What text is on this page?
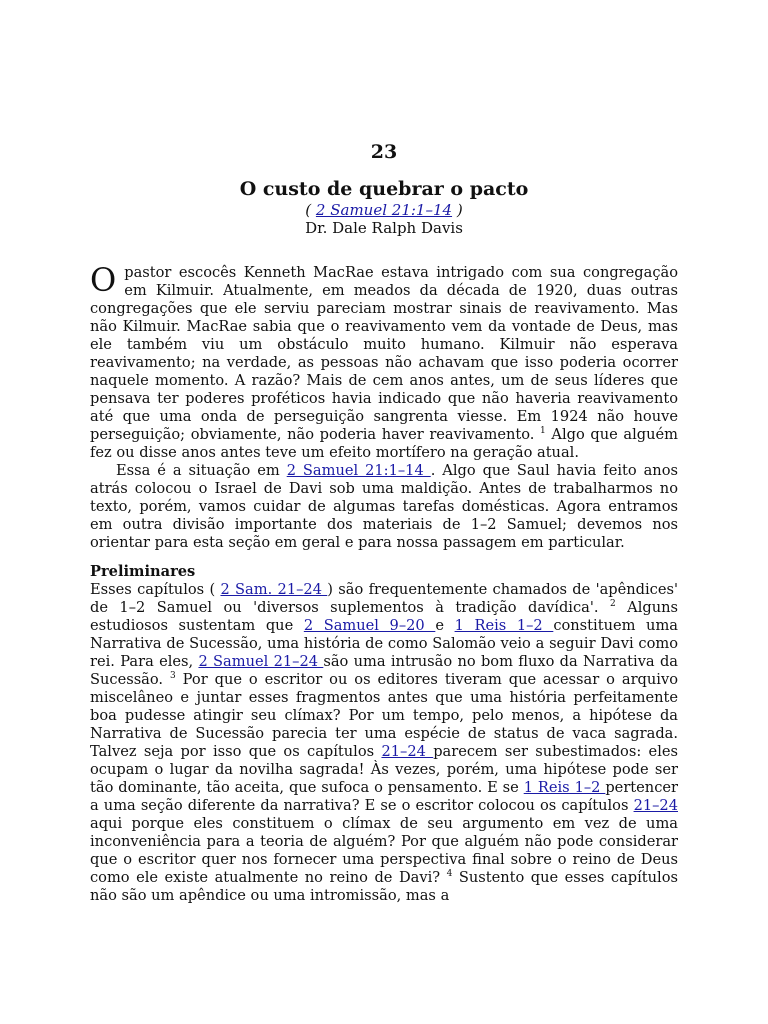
23
O custo de quebrar o pacto
( 2 Samuel 21:1–14 )
Dr. Dale Ralph Davis

O pastor escocês Kenneth MacRae estava intrigado com sua congregação em Kilmuir. Atualmente, em meados da década de 1920, duas outras congregações que ele serviu pareciam mostrar sinais de reavivamento. Mas não Kilmuir. MacRae sabia que o reavivamento vem da vontade de Deus, mas ele também viu um obstáculo muito humano. Kilmuir não esperava reavivamento; na verdade, as pessoas não achavam que isso poderia ocorrer naquele momento. A razão? Mais de cem anos antes, um de seus líderes que pensava ter poderes proféticos havia indicado que não haveria reavivamento até que uma onda de perseguição sangrenta viesse. Em 1924 não houve perseguição; obviamente, não poderia haver reavivamento. $^1$ Algo que alguém fez ou disse anos antes teve um efeito mortífero na geração atual.

Essa é a situação em 2 Samuel 21:1–14 . Algo que Saul havia feito anos atrás colocou o Israel de Davi sob uma maldição. Antes de trabalharmos no texto, porém, vamos cuidar de algumas tarefas domésticas. Agora entramos em outra divisão importante dos materiais de 1–2 Samuel; devemos nos orientar para esta seção em geral e para nossa passagem em particular.

Preliminares

Esses capítulos ( 2 Sam. 21–24 ) são frequentemente chamados de 'apêndices' de 1–2 Samuel ou 'diversos suplementos à tradição davídica'. $^2$ Alguns estudiosos sustentam que 2 Samuel 9–20 e 1 Reis 1–2 constituem uma Narrativa de Sucessão, uma história de como Salomão veio a seguir Davi como rei. Para eles, 2 Samuel 21–24 são uma intrusão no bom fluxo da Narrativa da Sucessão. $^3$ Por que o escritor ou os editores tiveram que acessar o arquivo miscelâneo e juntar esses fragmentos antes que uma história perfeitamente boa pudesse atingir seu clímax? Por um tempo, pelo menos, a hipótese da Narrativa de Sucessão parecia ter uma espécie de status de vaca sagrada. Talvez seja por isso que os capítulos 21–24 parecem ser subestimados: eles ocupam o lugar da novilha sagrada! Às vezes, porém, uma hipótese pode ser tão dominante, tão aceita, que sufoca o pensamento. E se 1 Reis 1–2 pertencer a uma seção diferente da narrativa? E se o escritor colocou os capítulos 21–24 aqui porque eles constituem o clímax de seu argumento em vez de uma inconveniência para a teoria de alguém? Por que alguém não pode considerar que o escritor quer nos fornecer uma perspectiva final sobre o reino de Deus como ele existe atualmente no reino de Davi? $^4$ Sustento que esses capítulos não são um apêndice ou uma intromissão, mas a
